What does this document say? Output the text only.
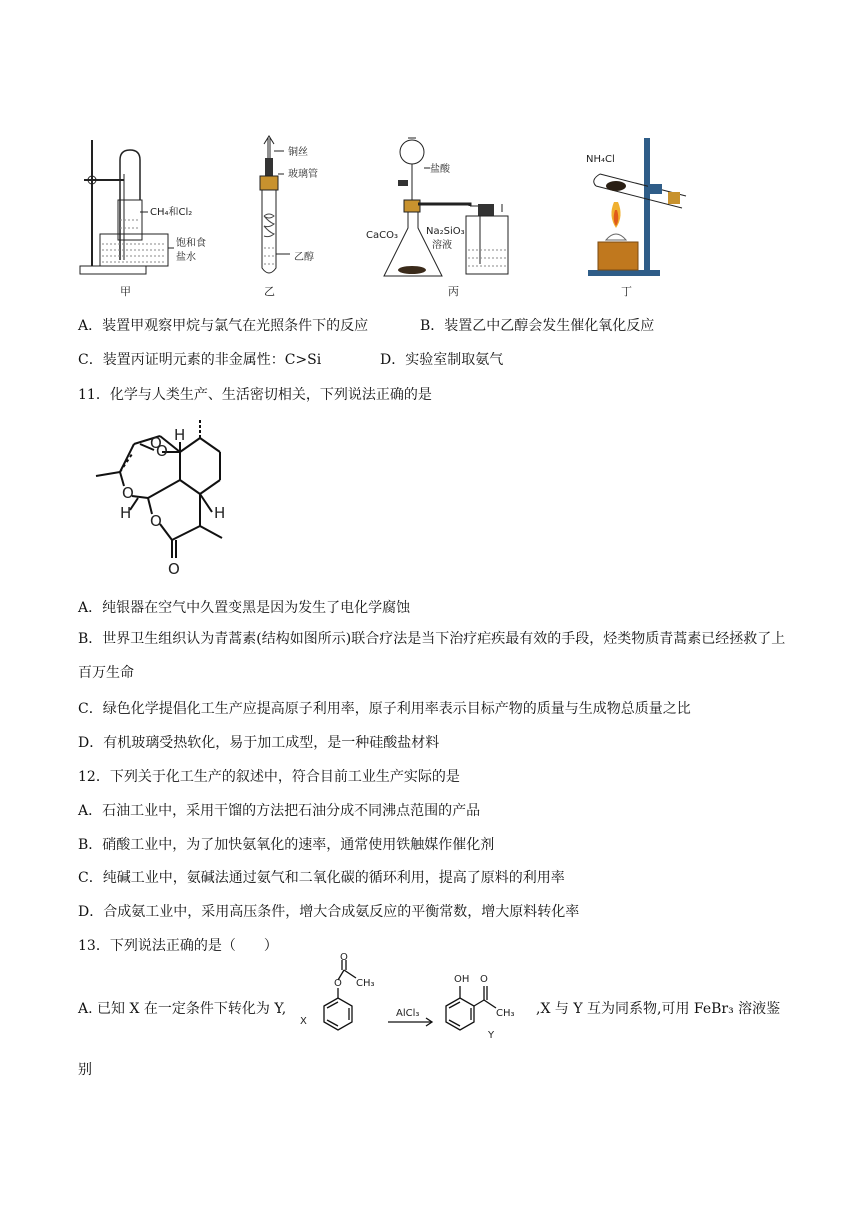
CH₄和Cl₂
饱和食
盐水
甲
铜丝
玻璃管
乙醇
乙
盐酸
CaCO₃	Na₂SiO₃
溶液
丙
NH₄Cl
丁
A．装置甲观察甲烷与氯气在光照条件下的反应	B．装置乙中乙醇会发生催化氧化反应
C．装置丙证明元素的非金属性：C>Si	D．实验室制取氨气
11．化学与人类生产、生活密切相关，下列说法正确的是
O
O
O
O
O
H
H	H
A．纯银器在空气中久置变黑是因为发生了电化学腐蚀
B．世界卫生组织认为青蒿素(结构如图所示)联合疗法是当下治疗疟疾最有效的手段，烃类物质青蒿素已经拯救了上百万生命
C．绿色化学提倡化工生产应提高原子利用率，原子利用率表示目标产物的质量与生成物总质量之比
D．有机玻璃受热软化，易于加工成型，是一种硅酸盐材料
12．下列关于化工生产的叙述中，符合目前工业生产实际的是
A．石油工业中，采用干馏的方法把石油分成不同沸点范围的产品
B．硝酸工业中，为了加快氨氧化的速率，通常使用铁触媒作催化剂
C．纯碱工业中，氨碱法通过氨气和二氧化碳的循环利用，提高了原料的利用率
D．合成氨工业中，采用高压条件，增大合成氨反应的平衡常数，增大原料转化率
13．下列说法正确的是（　　）
A. 已知 X 在一定条件下转化为 Y,
O
O
CH₃
X
AlCl₃
OH O
CH₃
Y
,X 与 Y 互为同系物,可用 FeBr₃ 溶液鉴
别
